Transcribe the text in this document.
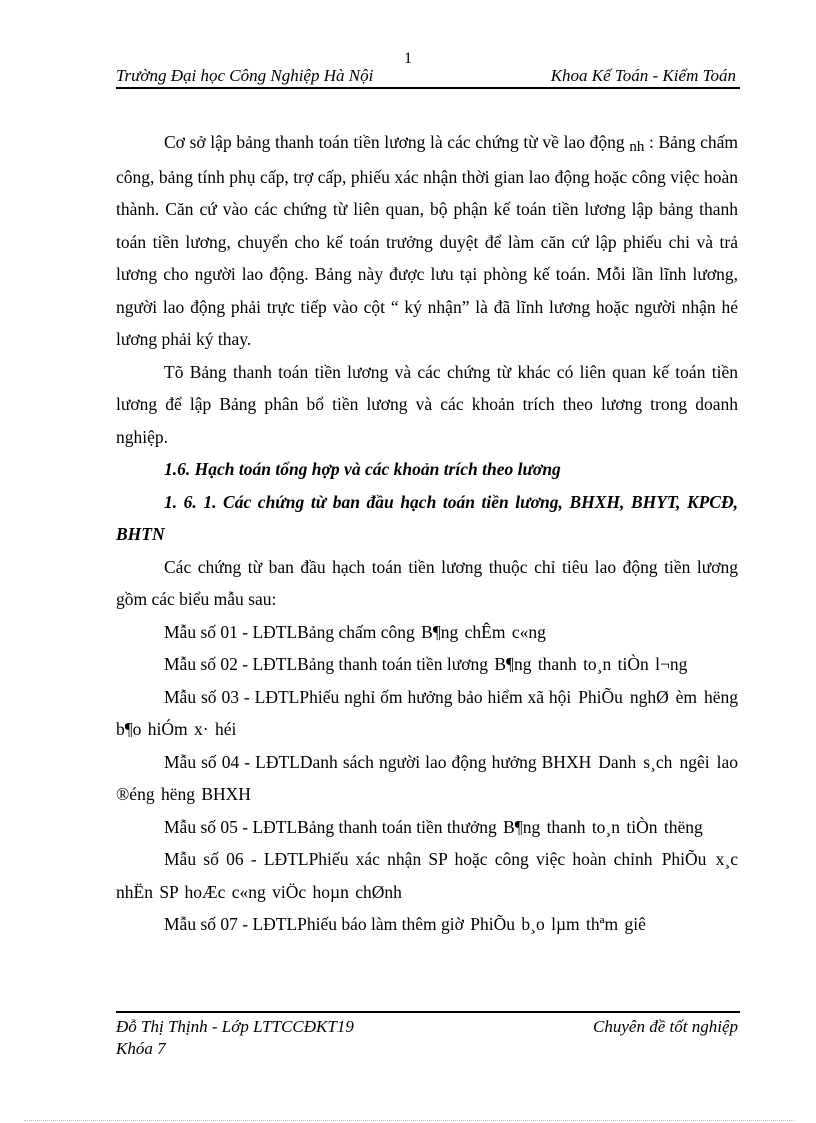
1
Trường Đại học Công Nghiệp Hà Nội	Khoa Kế Toán - Kiểm Toán

Cơ sở lập bảng thanh toán tiền lương là các chứng từ về lao động nh : Bảng chấm công, bảng tính phụ cấp, trợ cấp, phiếu xác nhận thời gian lao động hoặc công việc hoàn thành. Căn cứ vào các chứng từ liên quan, bộ phận kế toán tiền lương lập bảng thanh toán tiền lương, chuyển cho kế toán trưởng duyệt để làm căn cứ lập phiếu chi và trả lương cho người lao động. Bảng này được lưu tại phòng kế toán. Mỗi lần lĩnh lương, người lao động phải trực tiếp vào cột “ ký nhận” là đã lĩnh lương hoặc người nhận hé lương phải ký thay.

Tõ Bảng thanh toán tiền lương và các chứng từ khác có liên quan kế toán tiền lương để lập Bảng phân bổ tiền lương và các khoản trích theo lương trong doanh nghiệp.

1.6. Hạch toán tổng hợp và các khoản trích theo lương

1. 6. 1. Các chứng từ ban đầu hạch toán tiền lương, BHXH, BHYT, KPCĐ, BHTN

Các chứng từ ban đầu hạch toán tiền lương thuộc chỉ tiêu lao động tiền lương gồm các biểu mẫu sau:

Mẫu số 01 - LĐTLBảng chấm công B¶ng chÊm c«ng

Mẫu số 02 - LĐTLBảng thanh toán tiền lương B¶ng thanh to¸n tiÒn l¬ng

Mẫu số 03 - LĐTLPhiếu nghỉ ốm hưởng bảo hiểm xã hội PhiÕu nghØ èm hëng b¶o hiÓm x· héi

Mẫu số 04 - LĐTLDanh sách người lao động hưởng BHXH Danh s¸ch ngêi lao ®éng hëng BHXH

Mẫu số 05 - LĐTLBảng thanh toán tiền thưởng B¶ng thanh to¸n tiÒn thëng

Mẫu số 06 - LĐTLPhiếu xác nhận SP hoặc công việc hoàn chỉnh PhiÕu x¸c nhËn SP hoÆc c«ng viÖc hoµn chØnh

Mẫu số 07 - LĐTLPhiếu báo làm thêm giờ PhiÕu b¸o lµm thªm giê

Đỗ Thị Thịnh - Lớp LTTCCĐKT19	Chuyên đề tốt nghiệp
Khóa 7
